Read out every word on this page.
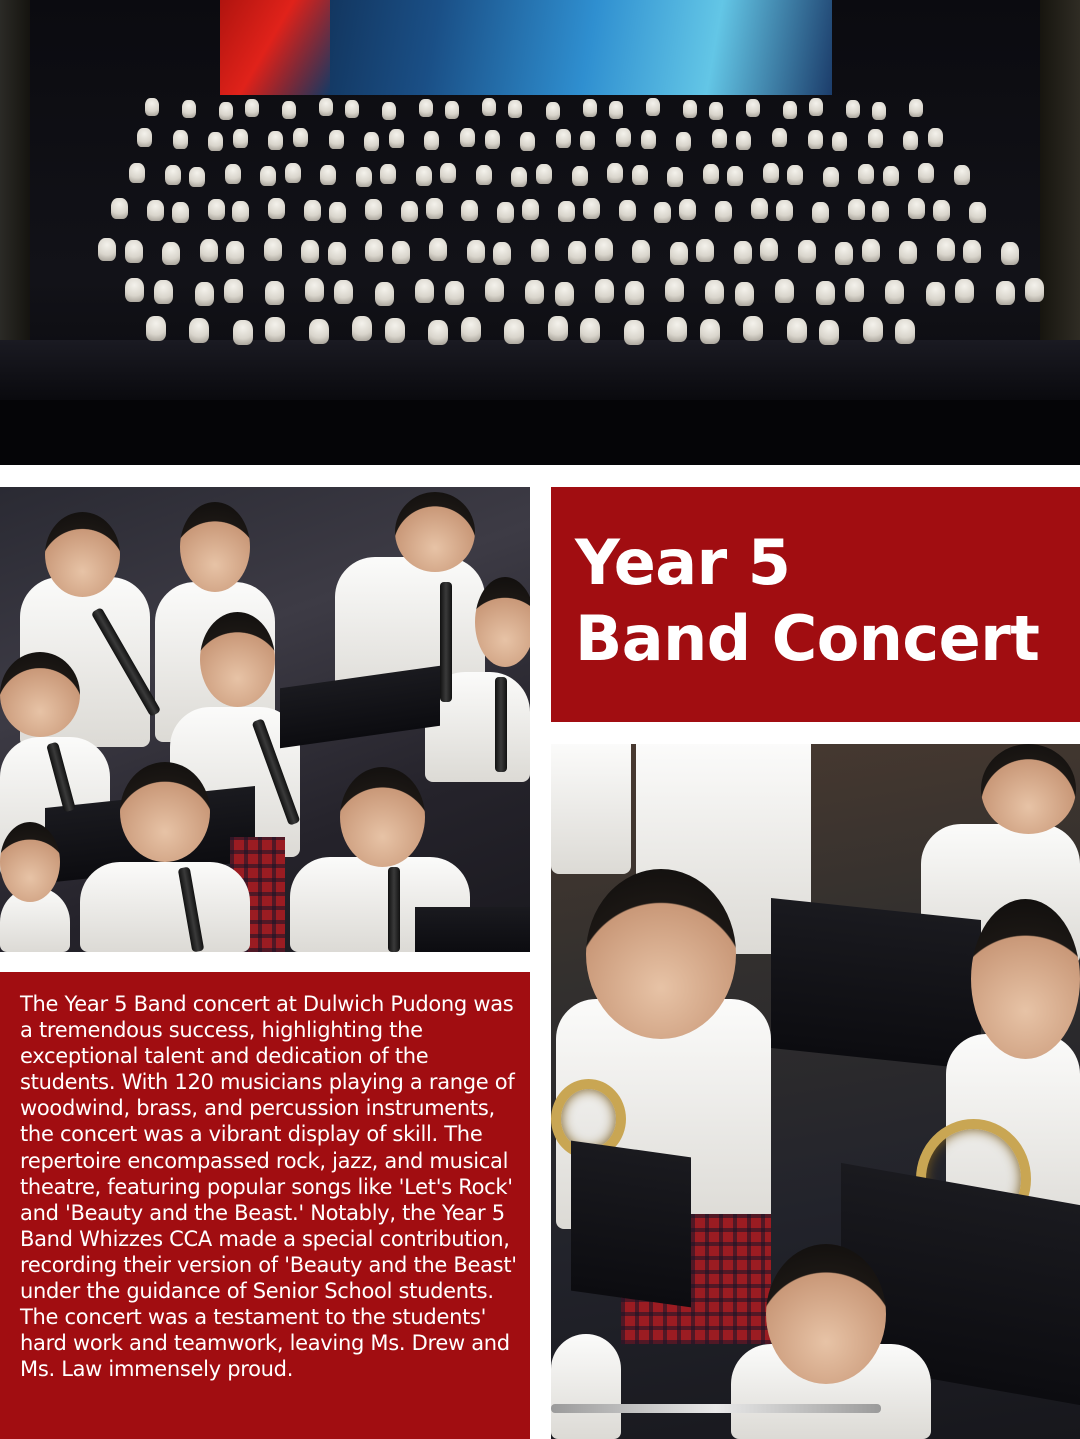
Year 5
Band Concert

The Year 5 Band concert at Dulwich Pudong was a tremendous success, highlighting the exceptional talent and dedication of the students. With 120 musicians playing a range of woodwind, brass, and percussion instruments, the concert was a vibrant display of skill. The repertoire encompassed rock, jazz, and musical theatre, featuring popular songs like 'Let's Rock' and 'Beauty and the Beast.' Notably, the Year 5 Band Whizzes CCA made a special contribution, recording their version of 'Beauty and the Beast' under the guidance of Senior School students. The concert was a testament to the students' hard work and teamwork, leaving Ms. Drew and Ms. Law immensely proud.
